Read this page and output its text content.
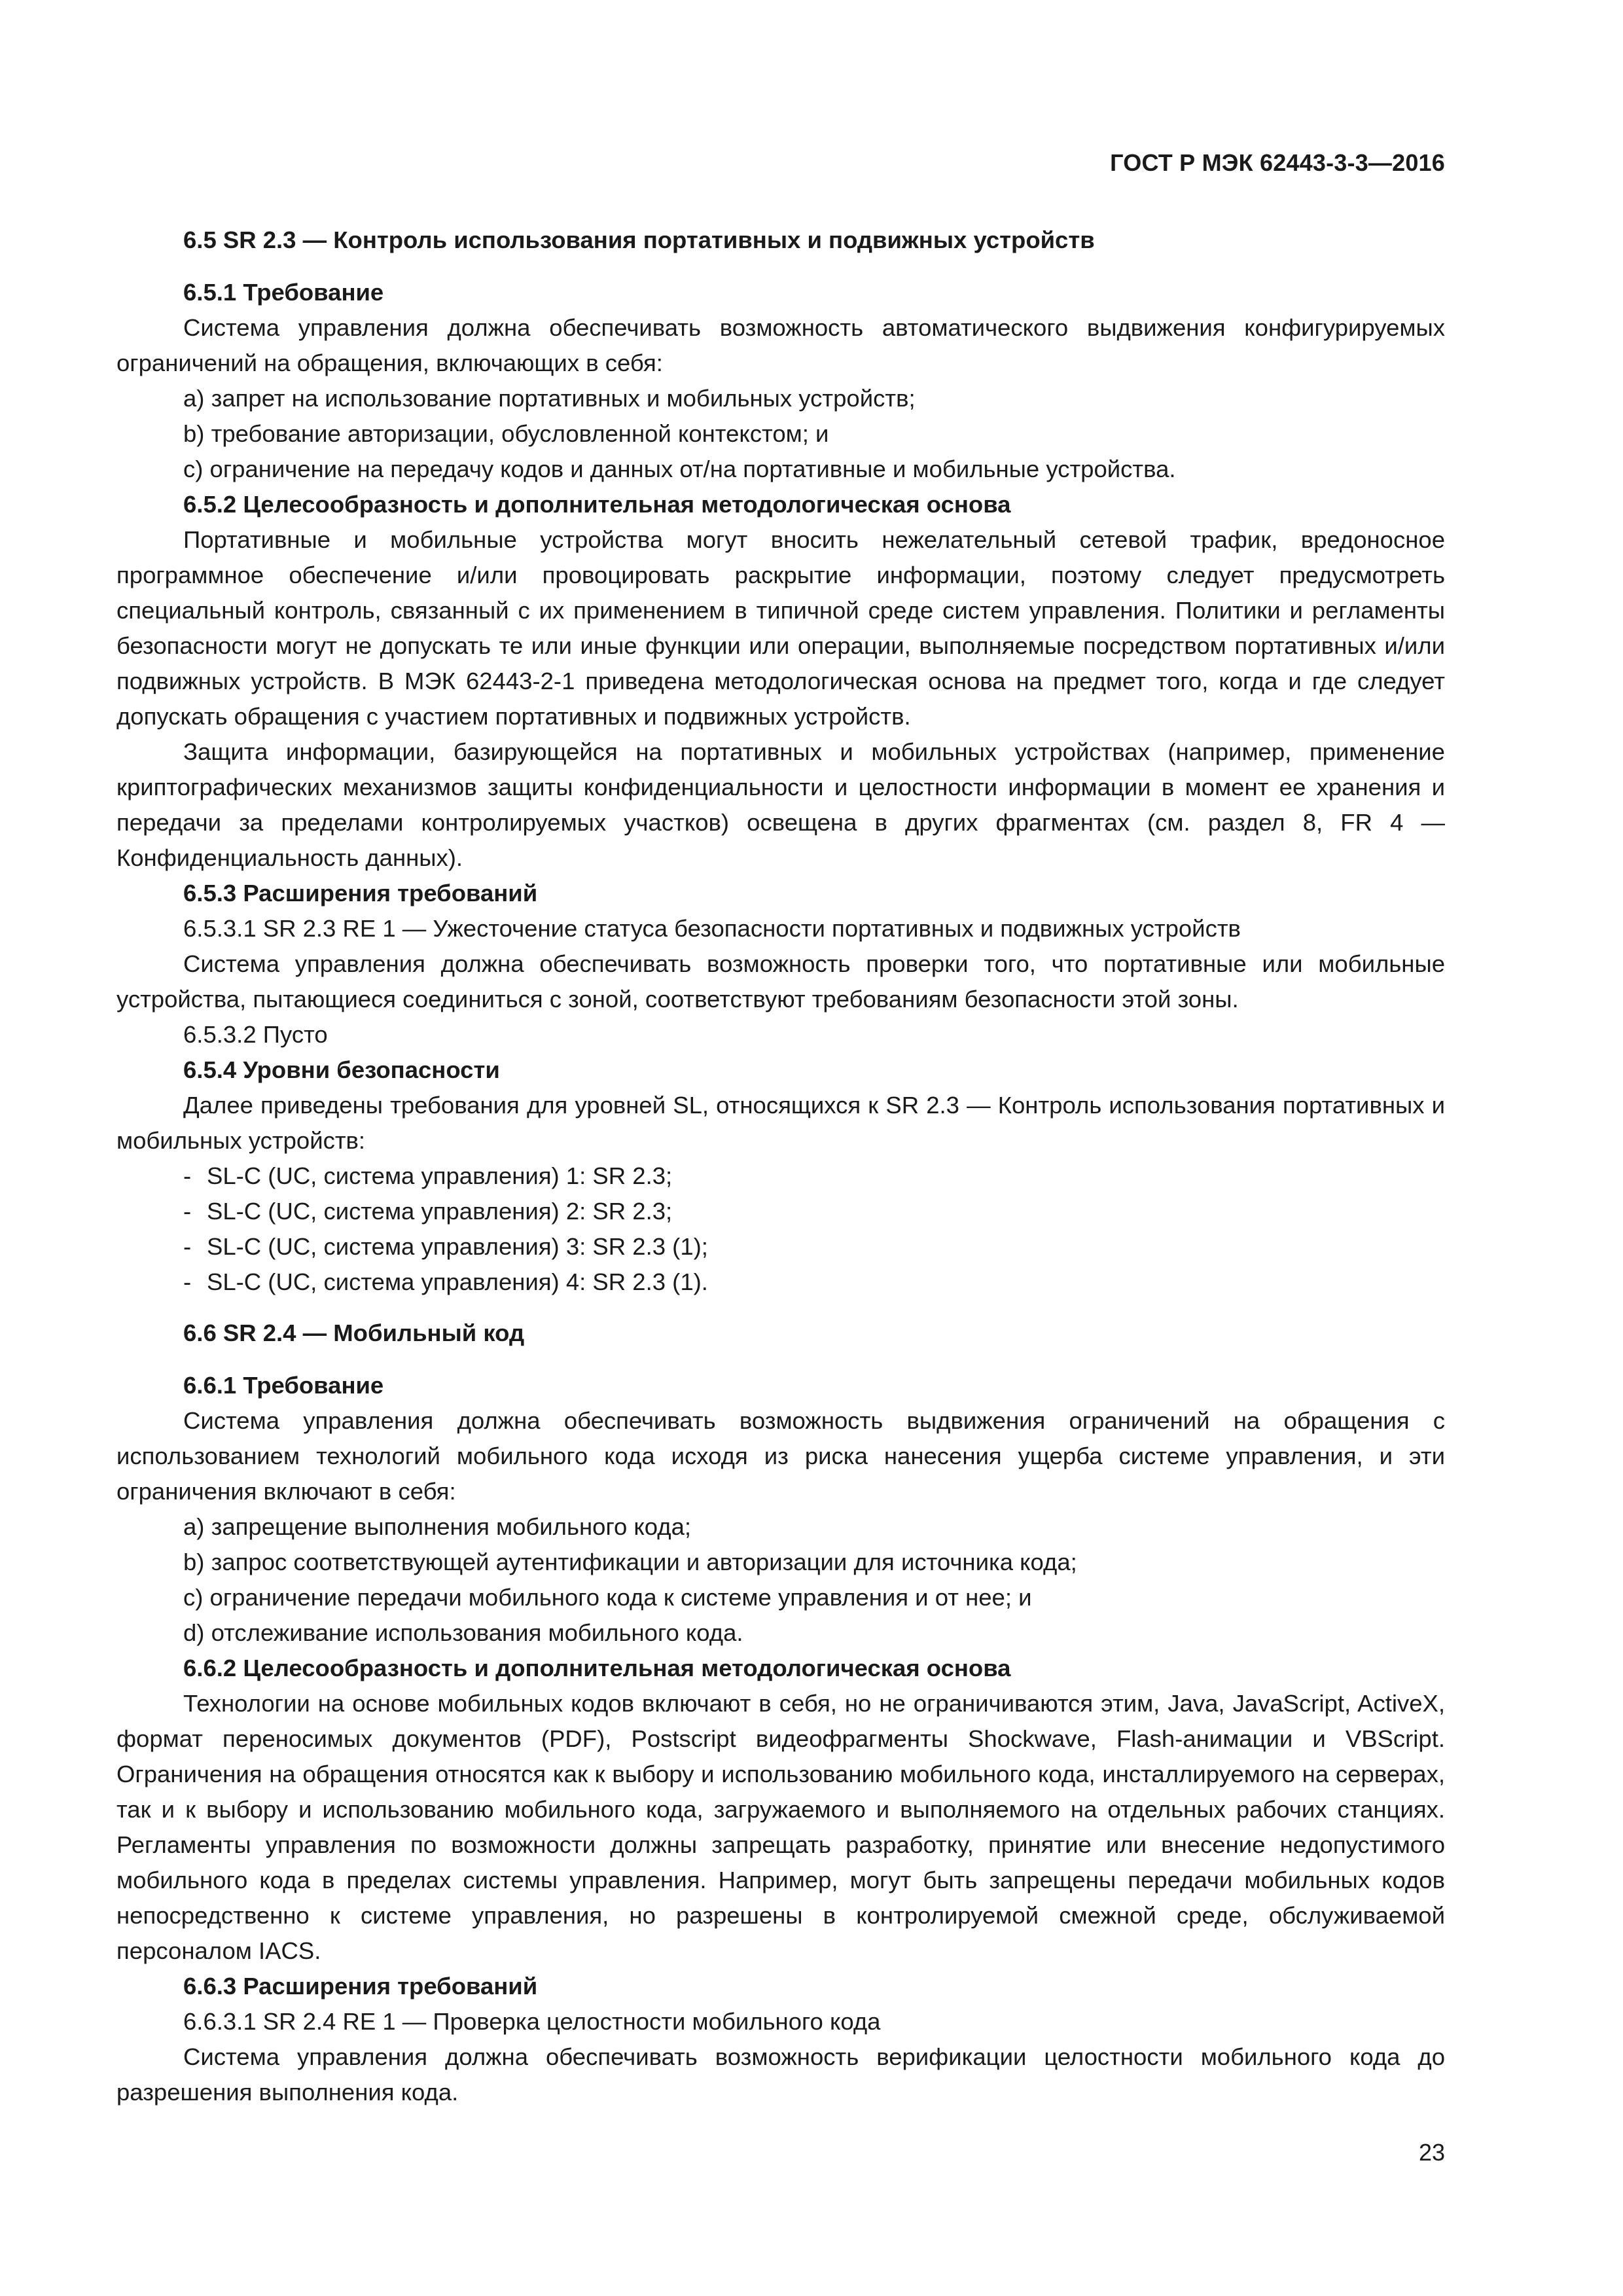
ГОСТ Р МЭК 62443-3-3—2016

6.5 SR 2.3 — Контроль использования портативных и подвижных устройств

6.5.1 Требование

Система управления должна обеспечивать возможность автоматического выдвижения конфигурируемых ограничений на обращения, включающих в себя:

а) запрет на использование портативных и мобильных устройств;

b) требование авторизации, обусловленной контекстом; и

с) ограничение на передачу кодов и данных от/на портативные и мобильные устройства.

6.5.2 Целесообразность и дополнительная методологическая основа

Портативные и мобильные устройства могут вносить нежелательный сетевой трафик, вредоносное программное обеспечение и/или провоцировать раскрытие информации, поэтому следует предусмотреть специальный контроль, связанный с их применением в типичной среде систем управления. Политики и регламенты безопасности могут не допускать те или иные функции или операции, выполняемые посредством портативных и/или подвижных устройств. В МЭК 62443-2-1 приведена методологическая основа на предмет того, когда и где следует допускать обращения с участием портативных и подвижных устройств.

Защита информации, базирующейся на портативных и мобильных устройствах (например, применение криптографических механизмов защиты конфиденциальности и целостности информации в момент ее хранения и передачи за пределами контролируемых участков) освещена в других фрагментах (см. раздел 8, FR 4 — Конфиденциальность данных).

6.5.3 Расширения требований

6.5.3.1 SR 2.3 RE 1 — Ужесточение статуса безопасности портативных и подвижных устройств

Система управления должна обеспечивать возможность проверки того, что портативные или мобильные устройства, пытающиеся соединиться с зоной, соответствуют требованиям безопасности этой зоны.

6.5.3.2 Пусто

6.5.4 Уровни безопасности

Далее приведены требования для уровней SL, относящихся к SR 2.3 — Контроль использования портативных и мобильных устройств:

- SL-C (UC, система управления) 1: SR 2.3;

- SL-C (UC, система управления) 2: SR 2.3;

- SL-C (UC, система управления) 3: SR 2.3 (1);

- SL-C (UC, система управления) 4: SR 2.3 (1).

6.6 SR 2.4 — Мобильный код

6.6.1 Требование

Система управления должна обеспечивать возможность выдвижения ограничений на обращения с использованием технологий мобильного кода исходя из риска нанесения ущерба системе управления, и эти ограничения включают в себя:

а) запрещение выполнения мобильного кода;

b) запрос соответствующей аутентификации и авторизации для источника кода;

с) ограничение передачи мобильного кода к системе управления и от нее; и

d) отслеживание использования мобильного кода.

6.6.2 Целесообразность и дополнительная методологическая основа

Технологии на основе мобильных кодов включают в себя, но не ограничиваются этим, Java, JavaScript, ActiveX, формат переносимых документов (PDF), Postscript видеофрагменты Shockwave, Flash-анимации и VBScript. Ограничения на обращения относятся как к выбору и использованию мобильного кода, инсталлируемого на серверах, так и к выбору и использованию мобильного кода, загружаемого и выполняемого на отдельных рабочих станциях. Регламенты управления по возможности должны запрещать разработку, принятие или внесение недопустимого мобильного кода в пределах системы управления. Например, могут быть запрещены передачи мобильных кодов непосредственно к системе управления, но разрешены в контролируемой смежной среде, обслуживаемой персоналом IACS.

6.6.3 Расширения требований

6.6.3.1 SR 2.4 RE 1 — Проверка целостности мобильного кода

Система управления должна обеспечивать возможность верификации целостности мобильного кода до разрешения выполнения кода.

23
